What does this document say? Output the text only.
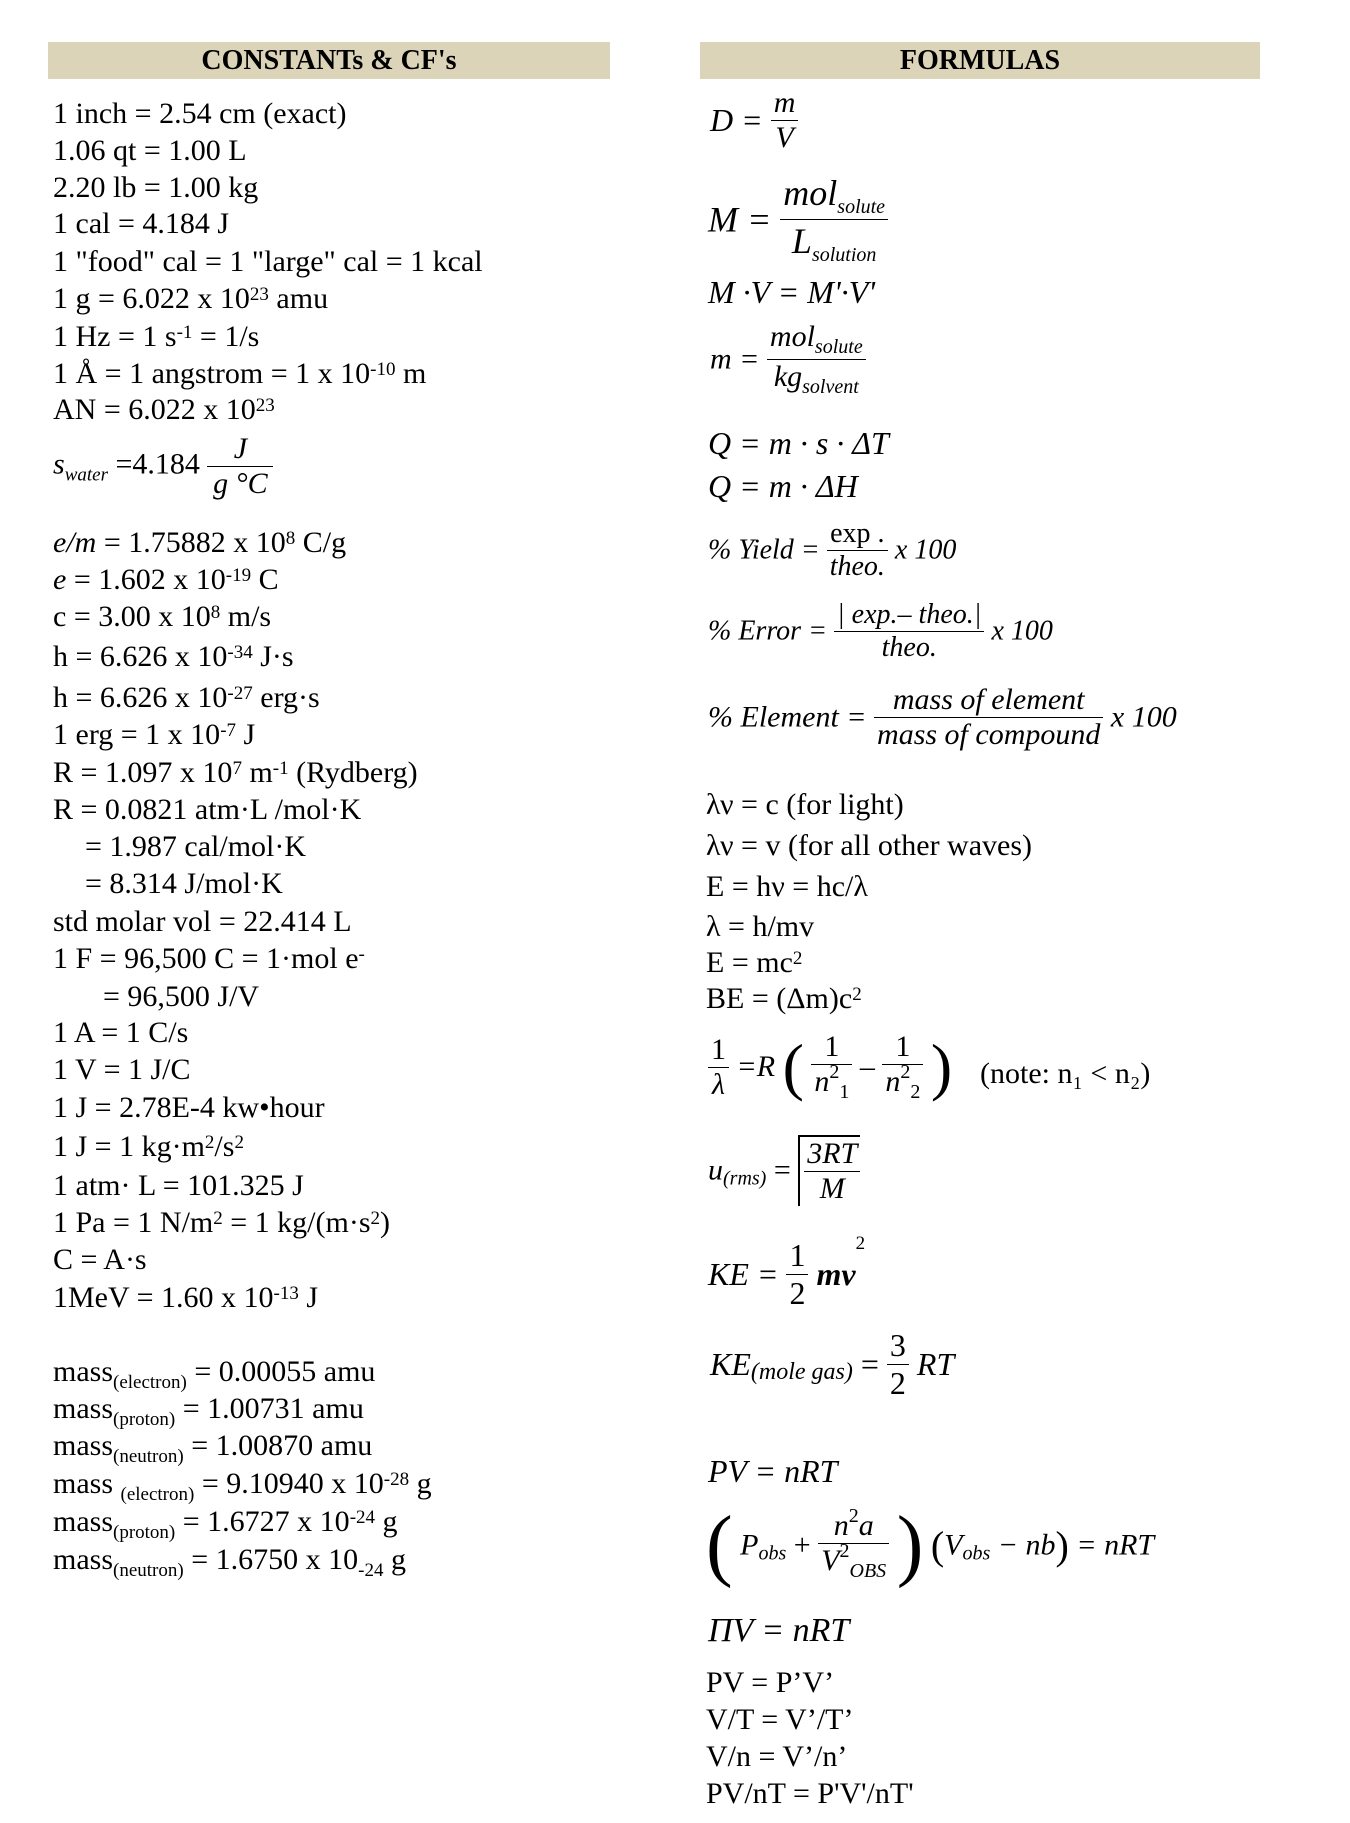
CONSTANTs & CF's	FORMULAS
1 inch = 2.54 cm (exact)
1.06 qt = 1.00 L
2.20 lb = 1.00 kg
1 cal = 4.184 J
1 "food" cal = 1 "large" cal = 1 kcal
1 g = 6.022 x $10^{23}$ amu
1 Hz = 1 $s^{-1} = 1/s$
1 Å = 1 angstrom = 1 x $10^{-10}$ m
AN = 6.022 x $10^{23}$
$s_{water} =4.184 \frac{J}{g ^\circ C}$
e/m = 1.75882 x $10^8$ C/g
e = 1.602 x $10^{-19}$ C
c = 3.00 x $10^8$ m/s
h = 6.626 x $10^{-34}$ J·s
h = 6.626 x $10^{-27}$ erg·s
1 erg = 1 x $10^{-7}$ J
R = 1.097 x $10^7$ $m^{-1}$ (Rydberg)
R = 0.0821 atm·L /mol·K
= 1.987 cal/mol·K
= 8.314 J/mol·K
std molar vol = 22.414 L
1 F = 96,500 C = 1·mol e-
= 96,500 J/V
1 A = 1 C/s
1 V = 1 J/C
1 J = 2.78E-4 kw•hour
1 J = 1 $kg\cdot m^2/s^2$
1 atm· L = 101.325 J
1 Pa = 1 $N/m^2 = 1$ $kg/(m\cdot s^2)$
C = A·s
1MeV = 1.60 x $10^{-13}$ J
mass$_{(electron)}$ = 0.00055 amu
mass$_{(proton)}$ = 1.00731 amu
mass$_{(neutron)}$ = 1.00870 amu
mass $_{(electron)}$ = 9.10940 x $10^{-28}$ g
mass$_{(proton)}$ = 1.6727 x $10^{-24}$ g
mass$_{(neutron)}$ = 1.6750 x $10_{-24}$ g
$D = \frac{m}{V}$
$M = \frac{mol_{solute}}{L_{solution}}$
M ·V = M'·V'
$m = \frac{mol_{solute}}{kg_{solvent}}$
Q = m · s · ΔT
Q = m · ΔH
% Yield = $\frac{\exp .}{\text{theo.}}$ x 100
% Error = $\frac{\text{| exp.– theo.|}}{\text{theo.}}$ x 100
% Element = $\frac{\text{mass of element}}{\text{mass of compound}}$ x 100
λν = c (for light)
λν = v (for all other waves)
E = hν = hc/λ
λ = h/mv
$E = mc^2$
BE = $(\Delta m)c^2$
$\frac{1}{\lambda} =R$ ( $\frac{1}{n^2_1} - \frac{1}{n^2_2}$ ) (note: n₁ < n₂)
$u_{(rms)} = \frac{3RT}{M}$
KE = $\frac{1}{2} mv^2$
$KE_{(mole gas)} = \frac{3}{2}$ RT
PV = nRT
( $P_{obs} + \frac{n^2a}{V^2_{OBS}}$ ) $(V_{obs} - nb)$ = nRT
ΠV = nRT
PV = P’V’
V/T = V’/T’
V/n = V’/n’
PV/nT = P'V'/nT'
